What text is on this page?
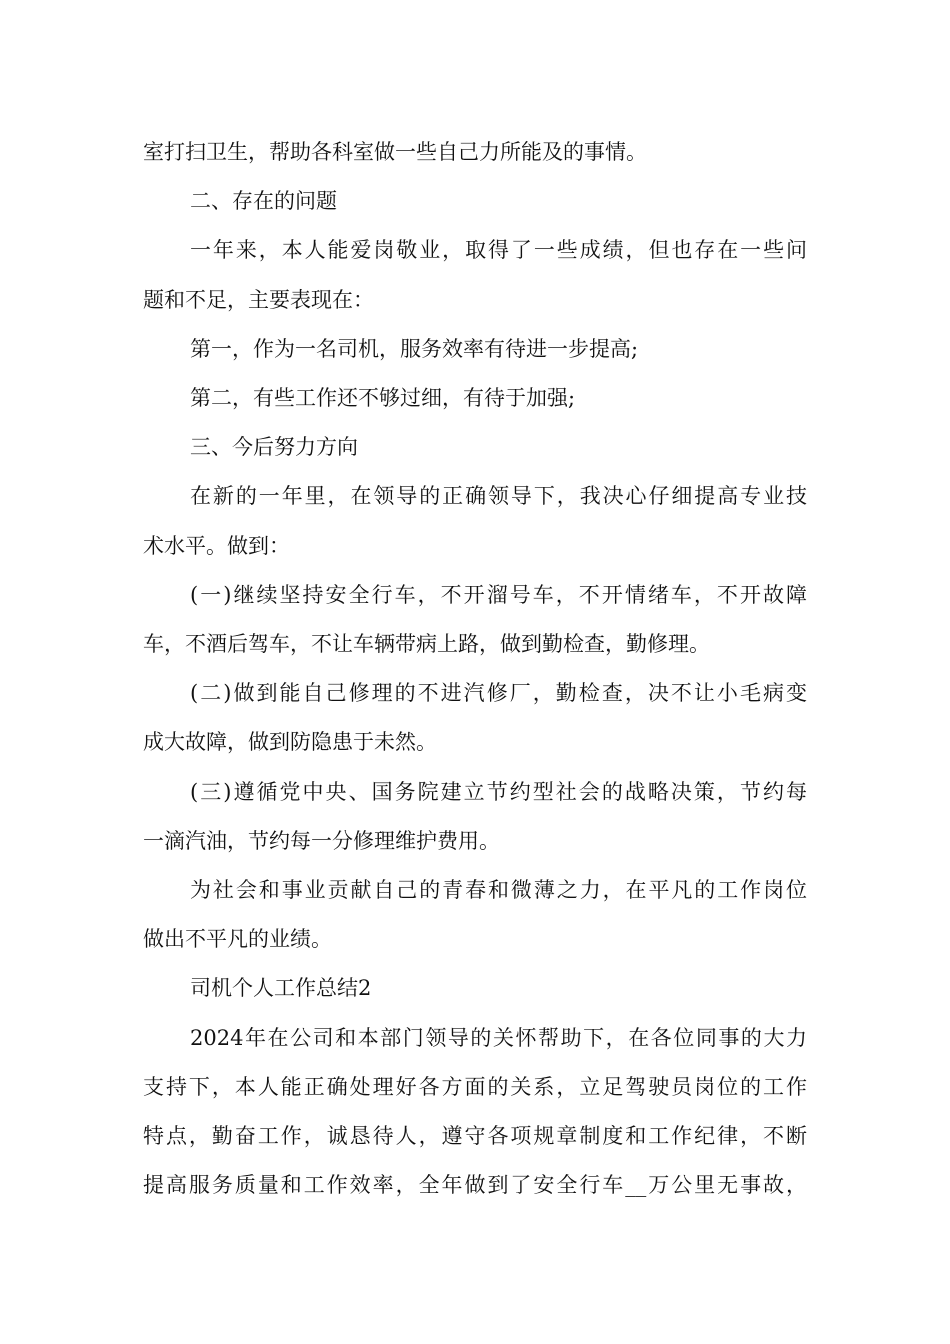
室打扫卫生，帮助各科室做一些自己力所能及的事情。
二、存在的问题
一年来，本人能爱岗敬业，取得了一些成绩，但也存在一些问
题和不足，主要表现在：
第一，作为一名司机，服务效率有待进一步提高;
第二，有些工作还不够过细，有待于加强;
三、今后努力方向
在新的一年里，在领导的正确领导下，我决心仔细提高专业技
术水平。做到：
(一)继续坚持安全行车，不开溜号车，不开情绪车，不开故障
车，不酒后驾车，不让车辆带病上路，做到勤检查，勤修理。
(二)做到能自己修理的不进汽修厂，勤检查，决不让小毛病变
成大故障，做到防隐患于未然。
(三)遵循党中央、国务院建立节约型社会的战略决策，节约每
一滴汽油，节约每一分修理维护费用。
为社会和事业贡献自己的青春和微薄之力，在平凡的工作岗位
做出不平凡的业绩。
司机个人工作总结2
2024年在公司和本部门领导的关怀帮助下，在各位同事的大力
支持下，本人能正确处理好各方面的关系，立足驾驶员岗位的工作
特点，勤奋工作，诚恳待人，遵守各项规章制度和工作纪律，不断
提高服务质量和工作效率，全年做到了安全行车__万公里无事故，
